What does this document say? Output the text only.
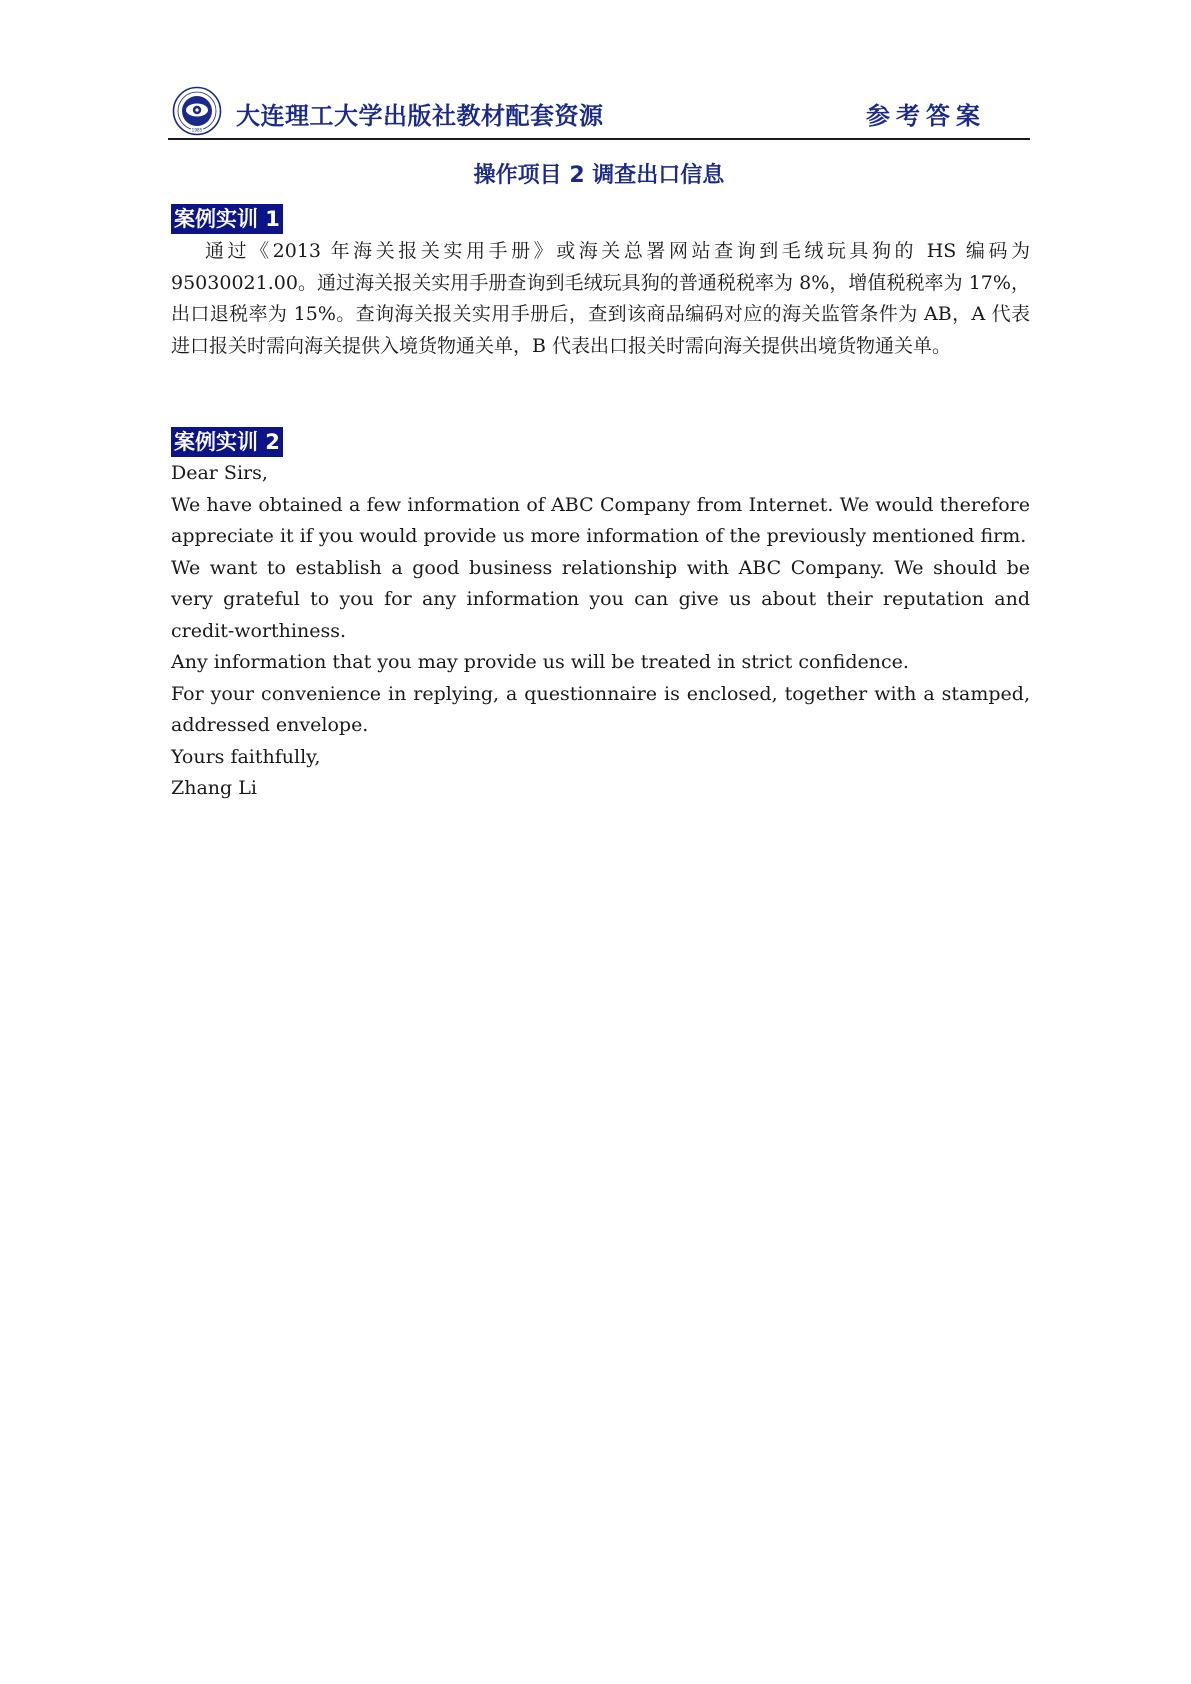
1985 大连理工大学出版社教材配套资源	参考答案
操作项目 2 调查出口信息
案例实训 1
通过《2013 年海关报关实用手册》或海关总署网站查询到毛绒玩具狗的 HS 编码为 95030021.00。通过海关报关实用手册查询到毛绒玩具狗的普通税税率为 8%，增值税税率为 17%，出口退税率为 15%。查询海关报关实用手册后，查到该商品编码对应的海关监管条件为 AB，A 代表进口报关时需向海关提供入境货物通关单，B 代表出口报关时需向海关提供出境货物通关单。
案例实训 2

Dear Sirs,

We have obtained a few information of ABC Company from Internet. We would therefore appreciate it if you would provide us more information of the previously mentioned firm.

We want to establish a good business relationship with ABC Company. We should be very grateful to you for any information you can give us about their reputation and credit-worthiness.

Any information that you may provide us will be treated in strict confidence.

For your convenience in replying, a questionnaire is enclosed, together with a stamped, addressed envelope.

Yours faithfully,

Zhang Li
